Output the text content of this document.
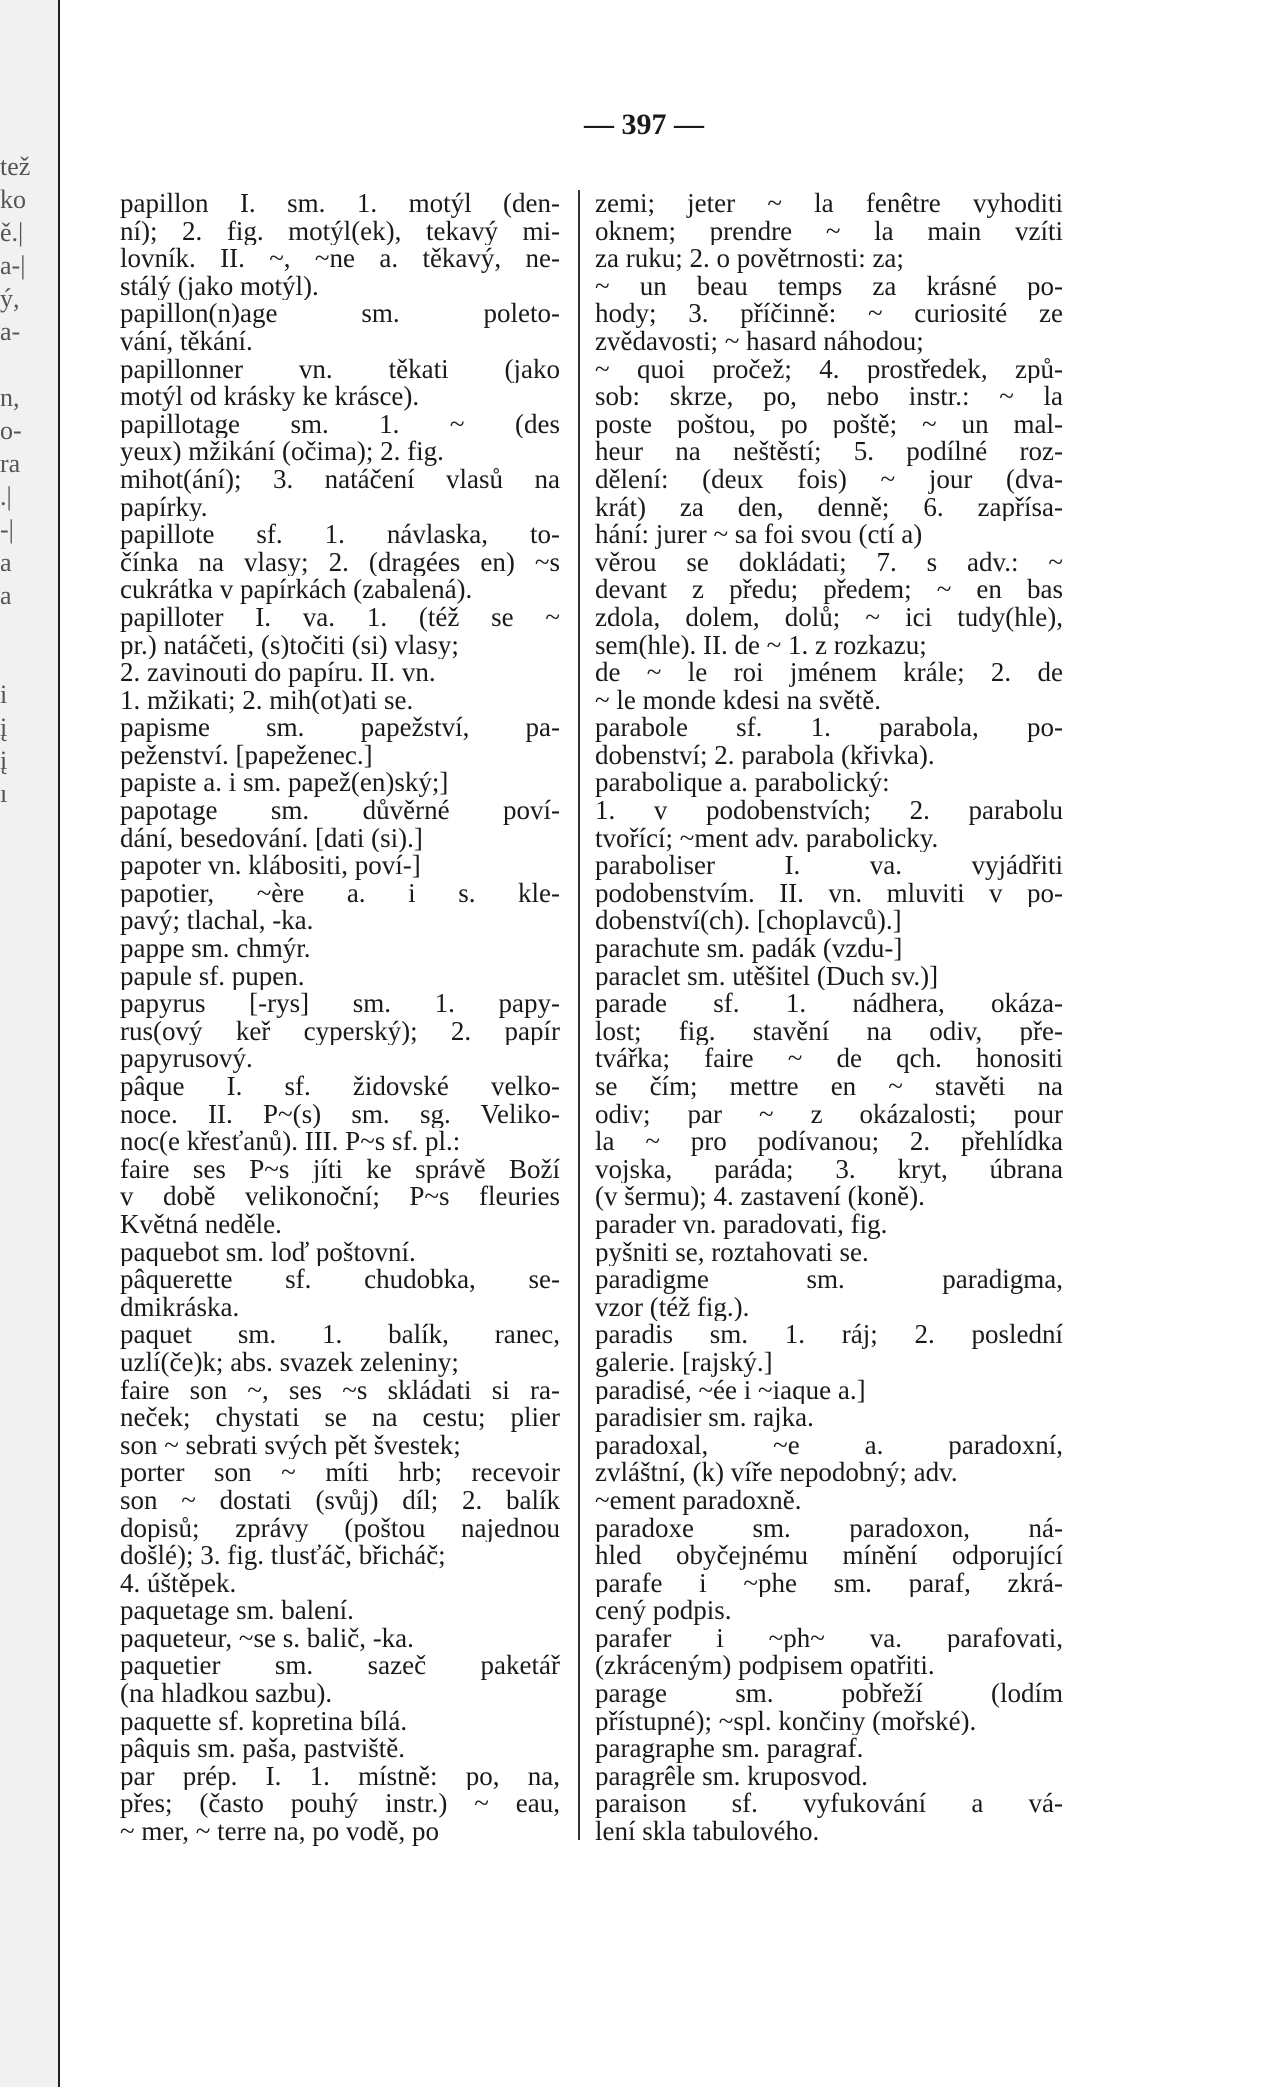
tež
ko
ě.|
a-|
ý,
a-
n,
o-
ra
.|
-|
a
a
i
į
į
ı
— 397 —
papillon I. sm. 1. motýl (den-
ní); 2. fig. motýl(ek), tekavý mi-
lovník. II. ~, ~ne a. těkavý, ne-
stálý (jako motýl).
papillon(n)age sm. poleto-
vání, těkání.
papillonner vn. těkati (jako
motýl od krásky ke krásce).
papillotage sm. 1. ~ (des
yeux) mžikání (očima); 2. fig.
mihot(ání); 3. natáčení vlasů na
papírky.
papillote sf. 1. návlaska, to-
čínka na vlasy; 2. (dragées en) ~s
cukrátka v papírkách (zabalená).
papilloter I. va. 1. (též se ~
pr.) natáčeti, (s)točiti (si) vlasy;
2. zavinouti do papíru. II. vn.
1. mžikati; 2. mih(ot)ati se.
papisme sm. papežství, pa-
peženství. [papeženec.]
papiste a. i sm. papež(en)ský;]
papotage sm. důvěrné poví-
dání, besedování. [dati (si).]
papoter vn. klábositi, poví-]
papotier, ~ère a. i s. kle-
pavý; tlachal, -ka.
pappe sm. chmýr.
papule sf. pupen.
papyrus [-rys] sm. 1. papy-
rus(ový keř cyperský); 2. papír
papyrusový.
pâque I. sf. židovské velko-
noce. II. P~(s) sm. sg. Veliko-
noc(e křesťanů). III. P~s sf. pl.:
faire ses P~s jíti ke správě Boží
v době velikonoční; P~s fleuries
Květná neděle.
paquebot sm. loď poštovní.
pâquerette sf. chudobka, se-
dmikráska.
paquet sm. 1. balík, ranec,
uzlí(če)k; abs. svazek zeleniny;
faire son ~, ses ~s skládati si ra-
neček; chystati se na cestu; plier
son ~ sebrati svých pět švestek;
porter son ~ míti hrb; recevoir
son ~ dostati (svůj) díl; 2. balík
dopisů; zprávy (poštou najednou
došlé); 3. fig. tlusťáč, břicháč;
4. úštěpek.
paquetage sm. balení.
paqueteur, ~se s. balič, -ka.
paquetier sm. sazeč paketář
(na hladkou sazbu).
paquette sf. kopretina bílá.
pâquis sm. paša, pastviště.
par prép. I. 1. místně: po, na,
přes; (často pouhý instr.) ~ eau,
~ mer, ~ terre na, po vodě, po
zemi; jeter ~ la fenêtre vyhoditi
oknem; prendre ~ la main vzíti
za ruku; 2. o povětrnosti: za;
~ un beau temps za krásné po-
hody; 3. příčinně: ~ curiosité ze
zvědavosti; ~ hasard náhodou;
~ quoi pročež; 4. prostředek, způ-
sob: skrze, po, nebo instr.: ~ la
poste poštou, po poště; ~ un mal-
heur na neštěstí; 5. podílné roz-
dělení: (deux fois) ~ jour (dva-
krát) za den, denně; 6. zapřísa-
hání: jurer ~ sa foi svou (ctí a)
věrou se dokládati; 7. s adv.: ~
devant z předu; předem; ~ en bas
zdola, dolem, dolů; ~ ici tudy(hle),
sem(hle). II. de ~ 1. z rozkazu;
de ~ le roi jménem krále; 2. de
~ le monde kdesi na světě.
parabole sf. 1. parabola, po-
dobenství; 2. parabola (křivka).
parabolique a. parabolický:
1. v podobenstvích; 2. parabolu
tvořící; ~ment adv. parabolicky.
paraboliser I. va. vyjádřiti
podobenstvím. II. vn. mluviti v po-
dobenství(ch). [choplavců).]
parachute sm. padák (vzdu-]
paraclet sm. utěšitel (Duch sv.)]
parade sf. 1. nádhera, okáza-
lost; fig. stavění na odiv, pře-
tvářka; faire ~ de qch. honositi
se čím; mettre en ~ stavěti na
odiv; par ~ z okázalosti; pour
la ~ pro podívanou; 2. přehlídka
vojska, paráda; 3. kryt, úbrana
(v šermu); 4. zastavení (koně).
parader vn. paradovati, fig.
pyšniti se, roztahovati se.
paradigme sm. paradigma,
vzor (též fig.).
paradis sm. 1. ráj; 2. poslední
galerie. [rajský.]
paradisé, ~ée i ~iaque a.]
paradisier sm. rajka.
paradoxal, ~e a. paradoxní,
zvláštní, (k) víře nepodobný; adv.
~ement paradoxně.
paradoxe sm. paradoxon, ná-
hled obyčejnému mínění odporující
parafe i ~phe sm. paraf, zkrá-
cený podpis.
parafer i ~ph~ va. parafovati,
(zkráceným) podpisem opatřiti.
parage sm. pobřeží (lodím
přístupné); ~spl. končiny (mořské).
paragraphe sm. paragraf.
paragrêle sm. kruposvod.
paraison sf. vyfukování a vá-
lení skla tabulového.
